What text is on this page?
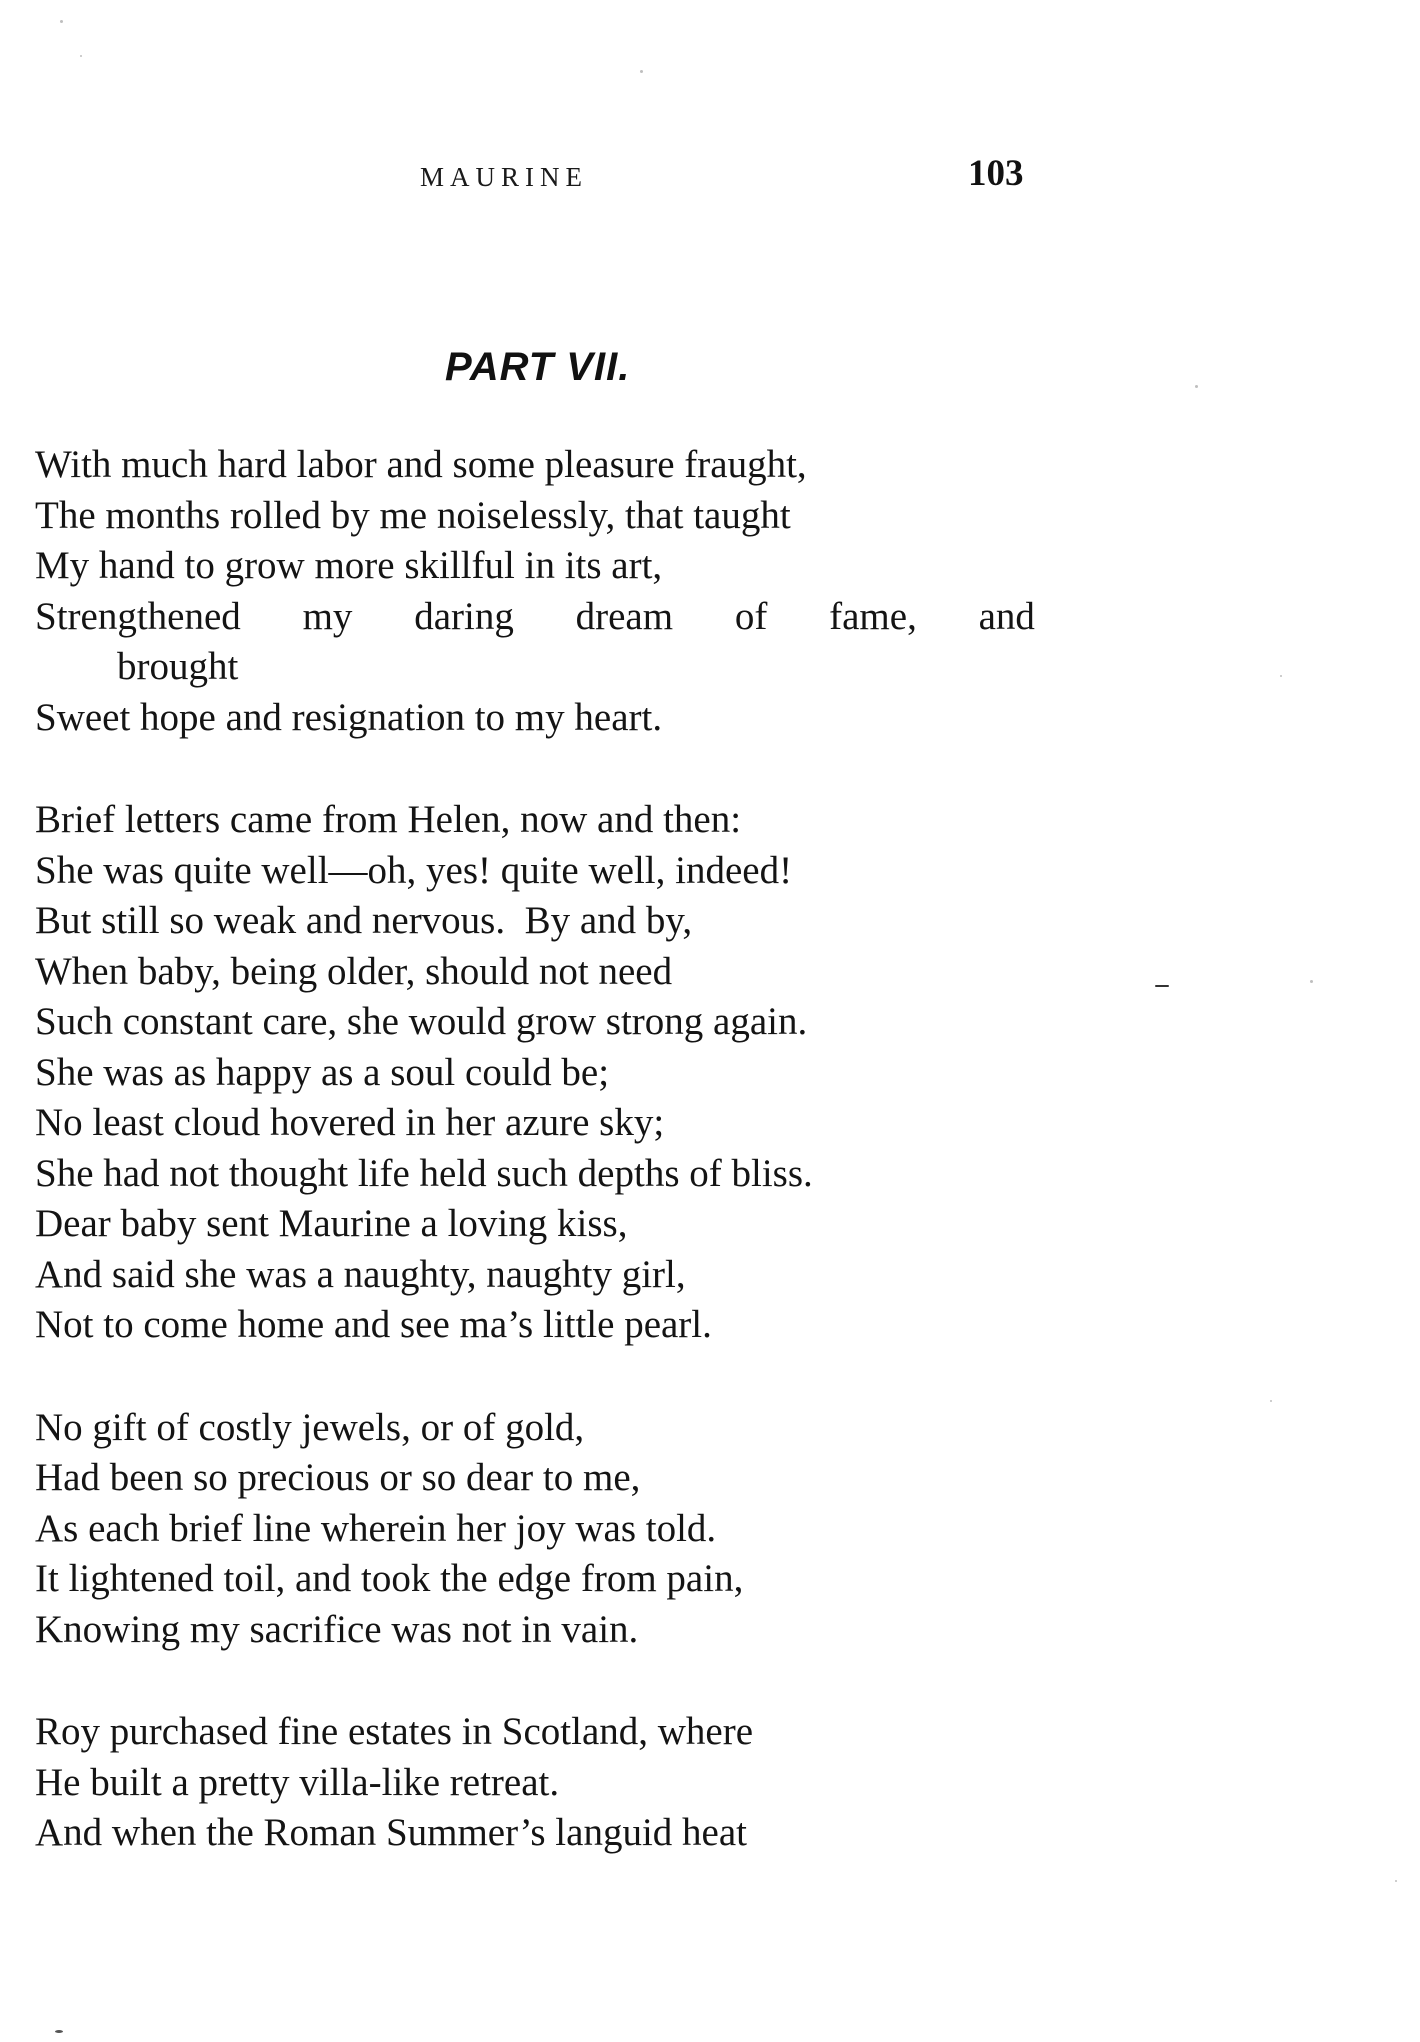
MAURINE	103
PART VII.
With much hard labor and some pleasure fraught,
The months rolled by me noiselessly, that taught
My hand to grow more skillful in its art,
Strengthened my daring dream of fame, and
brought
Sweet hope and resignation to my heart.
Brief letters came from Helen, now and then:
She was quite well—oh, yes! quite well, indeed!
But still so weak and nervous.  By and by,
When baby, being older, should not need
Such constant care, she would grow strong again.
She was as happy as a soul could be;
No least cloud hovered in her azure sky;
She had not thought life held such depths of bliss.
Dear baby sent Maurine a loving kiss,
And said she was a naughty, naughty girl,
Not to come home and see ma’s little pearl.
No gift of costly jewels, or of gold,
Had been so precious or so dear to me,
As each brief line wherein her joy was told.
It lightened toil, and took the edge from pain,
Knowing my sacrifice was not in vain.
Roy purchased fine estates in Scotland, where
He built a pretty villa-like retreat.
And when the Roman Summer’s languid heat
